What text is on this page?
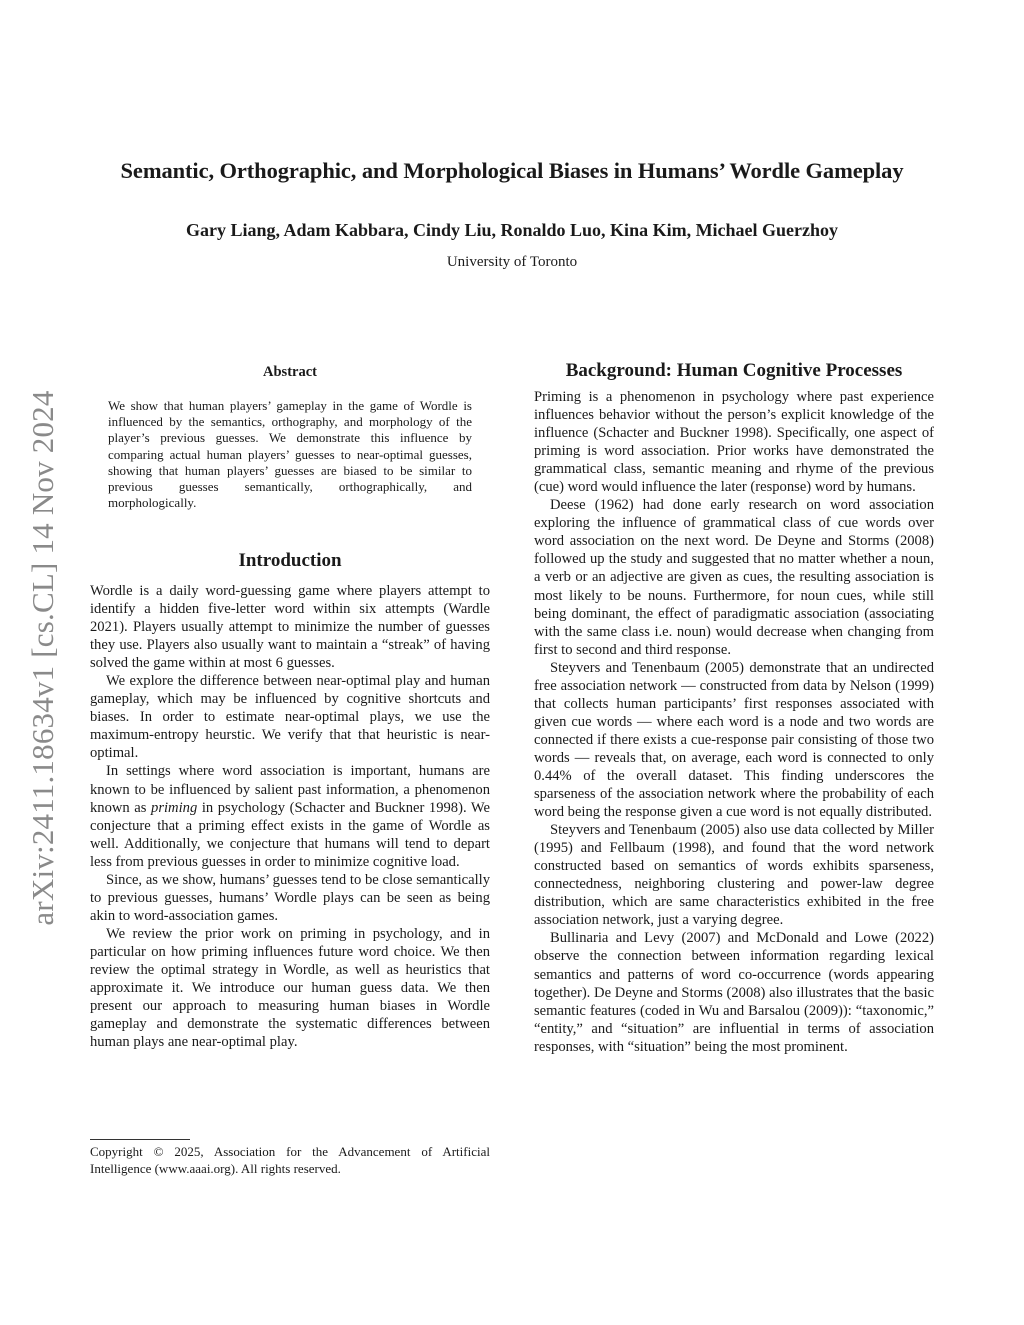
Semantic, Orthographic, and Morphological Biases in Humans’ Wordle Gameplay
Gary Liang, Adam Kabbara, Cindy Liu, Ronaldo Luo, Kina Kim, Michael Guerzhoy
University of Toronto
arXiv:2411.18634v1 [cs.CL] 14 Nov 2024
Abstract
We show that human players’ gameplay in the game of Wordle is influenced by the semantics, orthography, and morphology of the player’s previous guesses. We demonstrate this influence by comparing actual human players’ guesses to near-optimal guesses, showing that human players’ guesses are biased to be similar to previous guesses semantically, orthographically, and morphologically.
Introduction

Wordle is a daily word-guessing game where players attempt to identify a hidden five-letter word within six attempts (Wardle 2021). Players usually attempt to minimize the number of guesses they use. Players also usually want to maintain a “streak” of having solved the game within at most 6 guesses.

We explore the difference between near-optimal play and human gameplay, which may be influenced by cognitive shortcuts and biases. In order to estimate near-optimal plays, we use the maximum-entropy heurstic. We verify that that heuristic is near-optimal.

In settings where word association is important, humans are known to be influenced by salient past information, a phenomenon known as priming in psychology (Schacter and Buckner 1998). We conjecture that a priming effect exists in the game of Wordle as well. Additionally, we conjecture that humans will tend to depart less from previous guesses in order to minimize cognitive load.

Since, as we show, humans’ guesses tend to be close semantically to previous guesses, humans’ Wordle plays can be seen as being akin to word-association games.

We review the prior work on priming in psychology, and in particular on how priming influences future word choice. We then review the optimal strategy in Wordle, as well as heuristics that approximate it. We introduce our human guess data. We then present our approach to measuring human biases in Wordle gameplay and demonstrate the systematic differences between human plays ane near-optimal play.

Copyright © 2025, Association for the Advancement of Artificial Intelligence (www.aaai.org). All rights reserved.
Background: Human Cognitive Processes

Priming is a phenomenon in psychology where past experience influences behavior without the person’s explicit knowledge of the influence (Schacter and Buckner 1998). Specifically, one aspect of priming is word association. Prior works have demonstrated the grammatical class, semantic meaning and rhyme of the previous (cue) word would influence the later (response) word by humans.

Deese (1962) had done early research on word association exploring the influence of grammatical class of cue words over word association on the next word. De Deyne and Storms (2008) followed up the study and suggested that no matter whether a noun, a verb or an adjective are given as cues, the resulting association is most likely to be nouns. Furthermore, for noun cues, while still being dominant, the effect of paradigmatic association (associating with the same class i.e. noun) would decrease when changing from first to second and third response.

Steyvers and Tenenbaum (2005) demonstrate that an undirected free association network — constructed from data by Nelson (1999) that collects human participants’ first responses associated with given cue words — where each word is a node and two words are connected if there exists a cue-response pair consisting of those two words — reveals that, on average, each word is connected to only 0.44% of the overall dataset. This finding underscores the sparseness of the association network where the probability of each word being the response given a cue word is not equally distributed.

Steyvers and Tenenbaum (2005) also use data collected by Miller (1995) and Fellbaum (1998), and found that the word network constructed based on semantics of words exhibits sparseness, connectedness, neighboring clustering and power-law degree distribution, which are same characteristics exhibited in the free association network, just a varying degree.

Bullinaria and Levy (2007) and McDonald and Lowe (2022) observe the connection between information regarding lexical semantics and patterns of word co-occurrence (words appearing together). De Deyne and Storms (2008) also illustrates that the basic semantic features (coded in Wu and Barsalou (2009)): “taxonomic,” “entity,” and “situation” are influential in terms of association responses, with “situation” being the most prominent.
